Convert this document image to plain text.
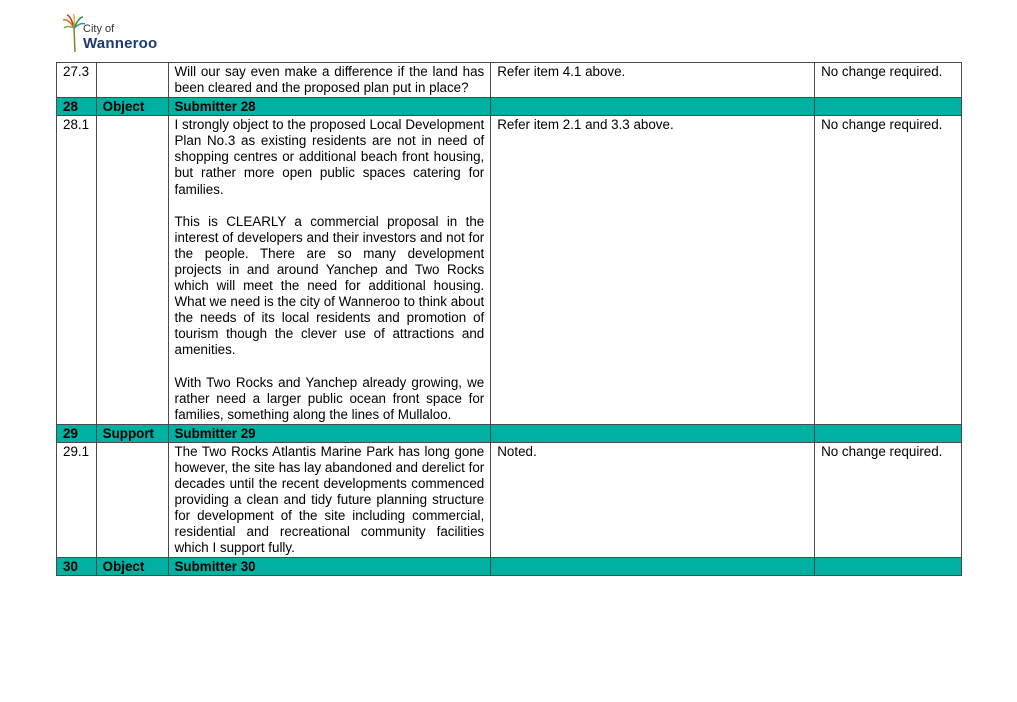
City of
Wanneroo
27.3		Will our say even make a difference if the land has been cleared and the proposed plan put in place?	Refer item 4.1 above.	No change required.
28	Object	Submitter 28		
28.1		I strongly object to the proposed Local Development Plan No.3 as existing residents are not in need of shopping centres or additional beach front housing, but rather more open public spaces catering for families.

This is CLEARLY a commercial proposal in the interest of developers and their investors and not for the people. There are so many development projects in and around Yanchep and Two Rocks which will meet the need for additional housing. What we need is the city of Wanneroo to think about the needs of its local residents and promotion of tourism though the clever use of attractions and amenities.

With Two Rocks and Yanchep already growing, we rather need a larger public ocean front space for families, something along the lines of Mullaloo.	Refer item 2.1 and 3.3 above.	No change required.
29	Support	Submitter 29		
29.1		The Two Rocks Atlantis Marine Park has long gone however, the site has lay abandoned and derelict for decades until the recent developments commenced providing a clean and tidy future planning structure for development of the site including commercial, residential and recreational community facilities which I support fully.	Noted.	No change required.
30	Object	Submitter 30		
